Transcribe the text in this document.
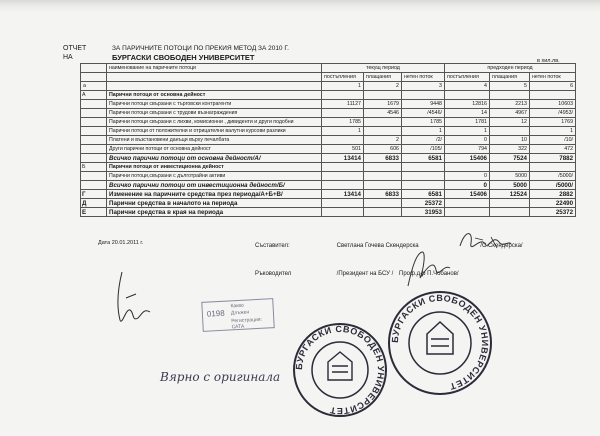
ОТЧЕТ
НА
ЗА ПАРИЧНИТЕ ПОТОЦИ ПО ПРЕКИЯ МЕТОД ЗА 2010 Г.
БУРГАСКИ СВОБОДЕН УНИВЕРСИТЕТ	в хил.лв.
	наименование на паричните потоци	текущ период			предходен период		
		постъпления	плащания	нетен поток	постъпления	плащания	нетен поток
а		1	2	3	4	5	6
А	Парични потоци от основна дейност						
	Парични потоци свързани с търговски контрагенти	11127	1679	9448	12816	2213	10603
	Парични потоци свързани с трудови възнаграждения		4546	/4546/	14	4967	/4953/
	Парични потоци свързани с лихви, комисионни , дивиденти и други подобни	1785		1785	1781	12	1769
	Парични потоци от положителни и отрицателни валутни курсови разлики	1		1	1		1
	Платени и възстановени данъци върху печалбата		2	/2/	0	10	/10/
	Други парични потоци от основна дейност	501	606	/105/	794	322	472
	Всичко парични потоци от основна дейност/А/	13414	6833	6581	15406	7524	7882
Б	Парични потоци от инвестиционна дейност						
	Парични потоци,свързани с дълготрайни активи				0	5000	/5000/
	Всичко парични потоци от инвестиционна дейност/Б/				0	5000	/5000/
Г	Изменение на паричните средства през периода/А+Б+В/	13414	6833	6581	15406	12524	2882
Д	Парични средства в началото на периода			25372			22490
Е	Парични средства в края на периода			31953			25372
Дата 20.01.2011 г.	Съставител:	Светлана Гочева Скендерска	/С.Скендерска/
Ръководител	/Президент на БСУ / Проф.д-р П.Чобанов/
0198
Какво
Длъжен
Регистрация: САТА
БУРГАСКИ СВОБОДЕН УНИВЕРСИТЕТ
БУРГАСКИ СВОБОДЕН УНИВЕРСИТЕТ
Вярно с оригинала
